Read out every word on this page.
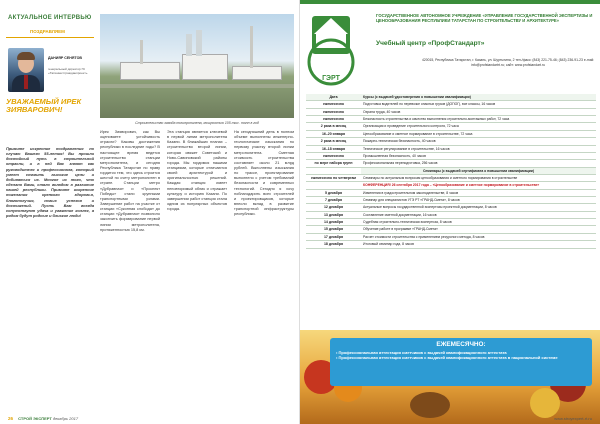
АКТУАЛЬНОЕ ИНТЕРВЬЮ
ПОЗДРАВЛЯЕМ
ДАНИЯР СЕНЯТОВ
генеральный директор ГК «Татинвестгражданпроект»
УВАЖАЕМЫЙ ИРЕК ЗИЯВАРОВИЧ!
Примите искренние поздравления по случаю Вашего 55-летия! Вы прошли достойный путь в строительной отрасли, и в ней Вас знают как руководителя и профессионала, который умеет ставить высокие цели и добиваться их. Многое из того, что сделано Вами, стало вкладом в развитие нашей республики. Примите искренние пожелания крепкого здоровья, благополучия, новых успехов и достижений. Пусть Вам всегда сопутствуют удача и уважение коллег, а рядом будут родные и близкие люди!
Строительство завода полипропилена, мощностью 105 тыс. тонн в год
Ирек Зиявирович, как Вы оцениваете устойчивость отрасли? Каковы достижения республики в последние годы? В настоящее время ведется строительство станции метрополитена, и сегодня Республика Татарстан по праву гордится тем, что здесь строится шестой по счету метрополитен в стране. Станции метро «Дубравная» и «Проспект Победы» стали крупными транспортными узлами. Завершение работ на участке от станции «Суконная слобода» до станции «Дубравная» позволило закончить формирование первой линии метрополитена, протяженностью 15,8 км.
Эта станция является ключевой в первой линии метрополитена Казани. В ближайших планах – строительство второй линии, которая свяжет Советский и Ново-Савиновский районы города. Мы гордимся нашими станциями, которые отличаются своей архитектурой и оригинальностью решений. Каждая станция имеет неповторимый облик и отражает культуру и историю Казани. По завершении работ станция стала одним из популярных объектов города.
На сегодняшний день в полном объеме выполнены инженерно-геологические изыскания по первому участку второй линии метрополитена. Сметная стоимость строительства составляет около 21 млрд рублей. Выполнены изыскания по трассе, проектирование выполнено с учетом требований безопасности и современных технологий. Сегодня я хочу поблагодарить всех строителей и проектировщиков, которые внесли вклад в развитие транспортной инфраструктуры республики.
26 СТРОЙ ЭКСПЕРТ декабрь 2017
ГЭРТ
ГОСУДАРСТВЕННОЕ АВТОНОМНОЕ УЧРЕЖДЕНИЕ «УПРАВЛЕНИЕ ГОСУДАРСТВЕННОЙ ЭКСПЕРТИЗЫ И ЦЕНООБРАЗОВАНИЯ РЕСПУБЛИКИ ТАТАРСТАН ПО СТРОИТЕЛЬСТВУ И АРХИТЕКТУРЕ»
Учебный центр «ПрофСтандарт»
420015, Республика Татарстан, г. Казань, ул. Шуртыгина, 2 тел./факс: (843) 221-75-46; (843) 236-91-23 e-mail: info@profstandartrt.ru; сайт: www.profstandart.ru
Дата	Курсы (с выдачей удостоверения о повышении квалификации)
ежемесячно	Подготовка водителей по перевозке опасных грузов (ДОПОГ), все классы, 16 часов
ежемесячно	Охрана труда, 40 часов
ежемесячно	Безопасность строительства и качество выполнения строительно-монтажных работ, 72 часа
2 раза в месяц	Организация и проведение строительного контроля, 72 часа
16–20 января	Ценообразование и сметное нормирование в строительстве, 72 часа
2 раза в месяц	Пожарно-техническая безопасность, 40 часов
16–18 января	Техническое регулирование в строительстве, 16 часов
ежемесячно	Промышленная безопасность, 40 часов
по мере набора групп	Профессиональная переподготовка, 256 часов
Семинары (с выдачей сертификата о повышении квалификации)
ежемесячно по четвергам	Семинары по актуальным вопросам ценообразования и сметного нормирования в строительстве
КОНФЕРЕНЦИЯ! 26 сентября 2017 года – «Ценообразование и сметное нормирование в строительстве»
5 декабря	Изменения в градостроительном законодательстве, 8 часов
7 декабря	Семинар для специалистов УГЭ РТ «ГРАНД-Смета», 8 часов
12 декабря	Актуальные вопросы государственной экспертизы проектной документации, 8 часов
13 декабря	Составление сметной документации, 16 часов
14 декабря	Судебная строительно-техническая экспертиза, 8 часов
15 декабря	Обучение работе в программе «ГРАНД-Смета»
17 декабря	Расчет стоимости строительства с применением ресурсного метода, 8 часов
18 декабря	Итоговый семинар года, 8 часов
ЕЖЕМЕСЯЧНО:
• Профессиональная аттестация сметчиков с выдачей квалификационного аттестата
• Профессиональная аттестация сметчиков с выдачей квалификационного аттестата в национальной системе
www.stroyexpert-rt.ru
